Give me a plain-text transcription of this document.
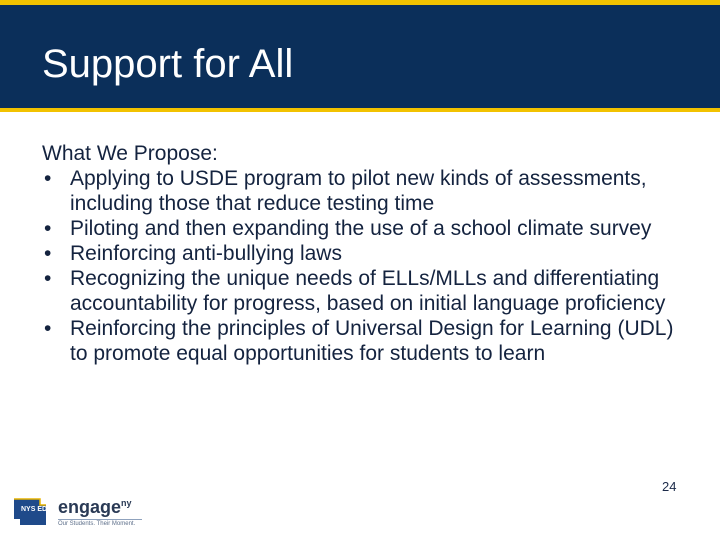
Support for All

What We Propose:

• Applying to USDE program to pilot new kinds of assessments, including those that reduce testing time
• Piloting and then expanding the use of a school climate survey
• Reinforcing anti-bullying laws
• Recognizing the unique needs of ELLs/MLLs and differentiating accountability for progress, based on initial language proficiency
• Reinforcing the principles of Universal Design for Learning (UDL) to promote equal opportunities for students to learn
NYS ED engage$^{ny}$
Our Students. Their Moment.
24
